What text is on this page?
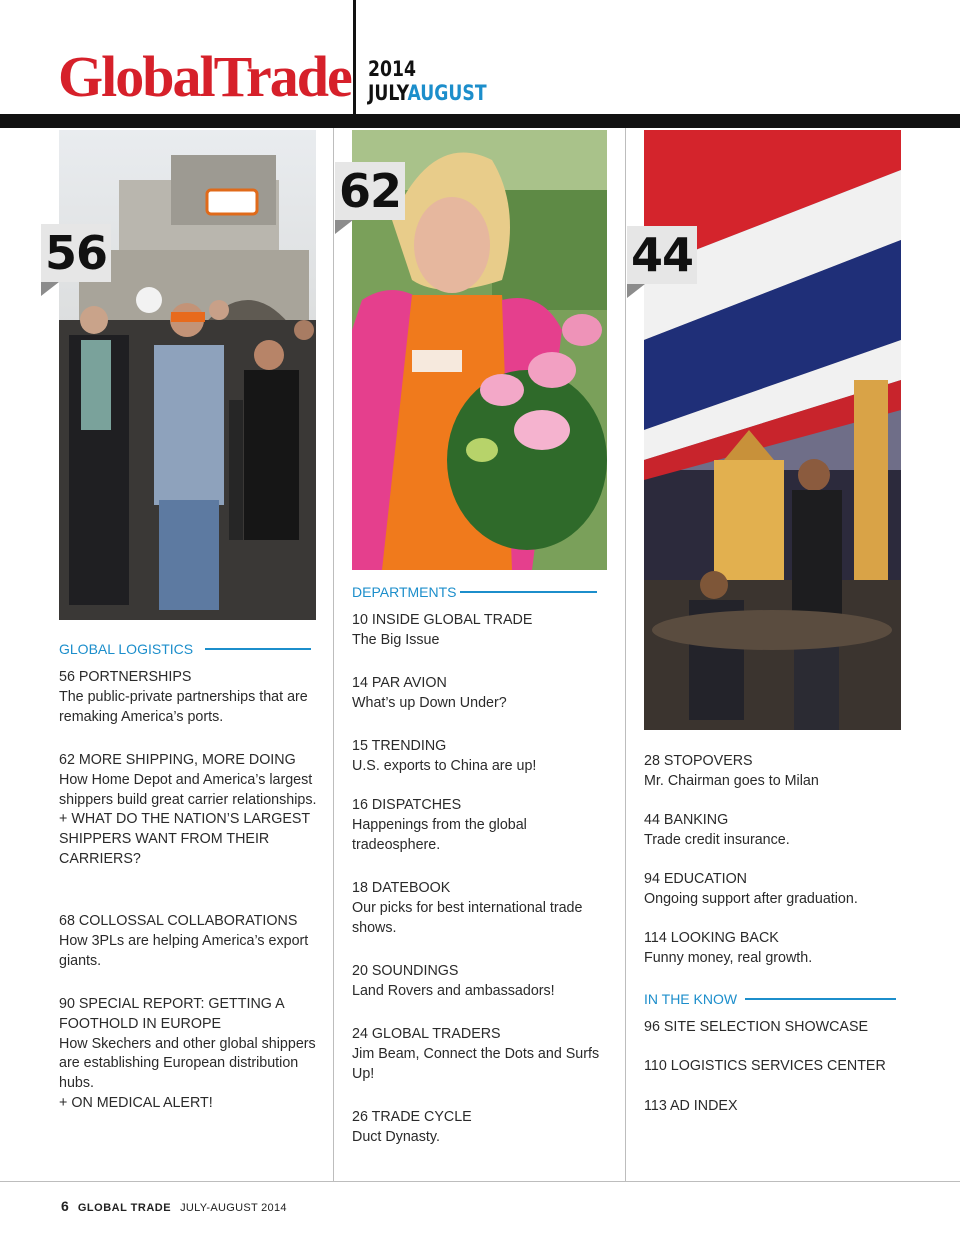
GlobalTrade 2014
JULYAUGUST
56
62
44
GLOBAL LOGISTICS
56 PORTNERSHIPS
The public-private partnerships that are remaking America’s ports.
62 MORE SHIPPING, MORE DOING
How Home Depot and America’s largest shippers build great carrier relationships.
+ WHAT DO THE NATION’S LARGEST SHIPPERS WANT FROM THEIR CARRIERS?
68 COLLOSSAL COLLABORATIONS
How 3PLs are helping America’s export giants.
90 SPECIAL REPORT: GETTING A FOOTHOLD IN EUROPE
How Skechers and other global shippers are establishing European distribution hubs.
+ ON MEDICAL ALERT!
DEPARTMENTS
10 INSIDE GLOBAL TRADE
The Big Issue
14 PAR AVION
What’s up Down Under?
15 TRENDING
U.S. exports to China are up!
16 DISPATCHES
Happenings from the global tradeosphere.
18 DATEBOOK
Our picks for best international trade shows.
20 SOUNDINGS
Land Rovers and ambassadors!
24 GLOBAL TRADERS
Jim Beam, Connect the Dots and Surfs Up!
26 TRADE CYCLE
Duct Dynasty.
28 STOPOVERS
Mr. Chairman goes to Milan
44 BANKING
Trade credit insurance.
94 EDUCATION
Ongoing support after graduation.
114 LOOKING BACK
Funny money, real growth.
IN THE KNOW
96 SITE SELECTION SHOWCASE
110 LOGISTICS SERVICES CENTER
113 AD INDEX
6 GLOBAL TRADE JULY-AUGUST 2014
